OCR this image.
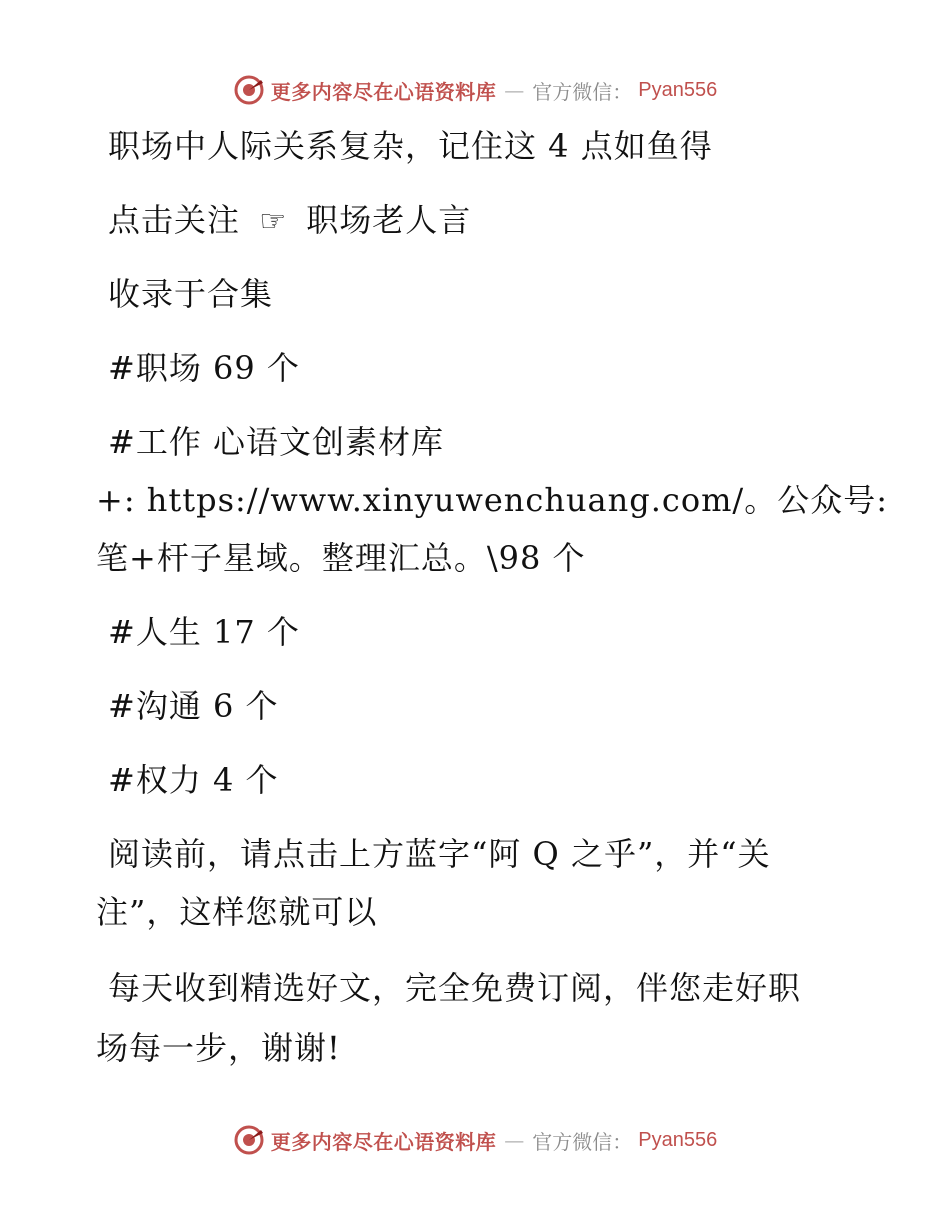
更多内容尽在心语资料库 — 官方微信： Pyan556
职场中人际关系复杂，记住这 4 点如鱼得
点击关注 ☞ 职场老人言
收录于合集
#职场 69 个
#工作 心语文创素材库
+: https://www.xinyuwenchuang.com/。公众号:
笔+杆子星域。整理汇总。\98 个
#人生 17 个
#沟通 6 个
#权力 4 个
阅读前，请点击上方蓝字“阿 Q 之乎”，并“关
注”，这样您就可以
每天收到精选好文，完全免费订阅，伴您走好职
场每一步，谢谢!
更多内容尽在心语资料库 — 官方微信： Pyan556
